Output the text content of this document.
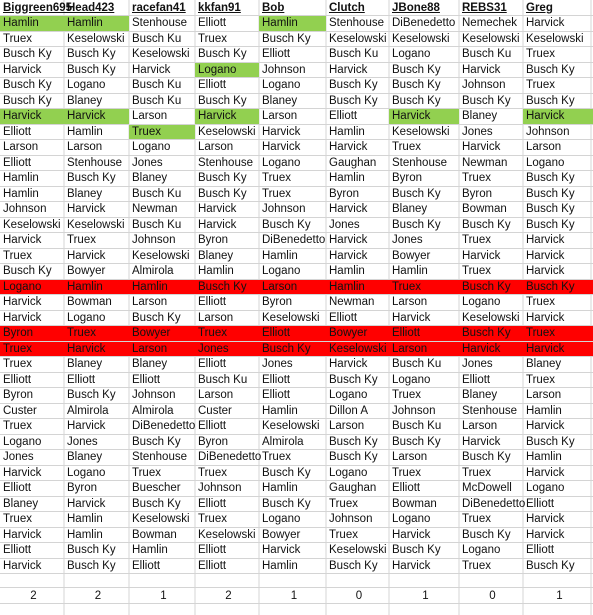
Biggreen695	Head423	racefan41	kkfan91	Bob	Clutch	JBone88	REBS31	Greg
Hamlin	Hamlin	Stenhouse	Elliott	Hamlin	Stenhouse	DiBenedetto	Nemechek	Harvick
Truex	Keselowski	Busch Ku	Truex	Busch Ky	Keselowski	Keselowski	Keselowski	Keselowski
Busch Ky	Busch Ky	Keselowski	Busch Ky	Elliott	Busch Ku	Logano	Busch Ku	Truex
Harvick	Busch Ky	Harvick	Logano	Johnson	Harvick	Busch Ky	Harvick	Busch Ky
Busch Ky	Logano	Busch Ku	Elliott	Logano	Busch Ky	Busch Ky	Johnson	Truex
Busch Ky	Blaney	Busch Ku	Busch Ky	Blaney	Busch Ky	Busch Ky	Busch Ky	Busch Ky
Harvick	Harvick	Larson	Harvick	Larson	Elliott	Harvick	Blaney	Harvick
Elliott	Hamlin	Truex	Keselowski	Harvick	Hamlin	Keselowski	Jones	Johnson
Larson	Larson	Logano	Larson	Harvick	Harvick	Truex	Harvick	Larson
Elliott	Stenhouse	Jones	Stenhouse	Logano	Gaughan	Stenhouse	Newman	Logano
Hamlin	Busch Ky	Blaney	Busch Ky	Truex	Hamlin	Byron	Truex	Busch Ky
Hamlin	Blaney	Busch Ku	Busch Ky	Truex	Byron	Busch Ky	Byron	Busch Ky
Johnson	Harvick	Newman	Harvick	Johnson	Harvick	Blaney	Bowman	Busch Ky
Keselowski	Keselowski	Busch Ku	Harvick	Busch Ky	Jones	Busch Ky	Busch Ky	Busch Ky
Harvick	Truex	Johnson	Byron	DiBenedetto	Harvick	Jones	Truex	Harvick
Truex	Harvick	Keselowski	Blaney	Hamlin	Harvick	Bowyer	Harvick	Harvick
Busch Ky	Bowyer	Almirola	Hamlin	Logano	Hamlin	Hamlin	Truex	Harvick
Logano	Hamlin	Hamlin	Busch Ky	Larson	Hamlin	Truex	Busch Ky	Busch Ky
Harvick	Bowman	Larson	Elliott	Byron	Newman	Larson	Logano	Truex
Harvick	Logano	Busch Ky	Larson	Keselowski	Elliott	Harvick	Keselowski	Harvick
Byron	Truex	Bowyer	Truex	Elliott	Bowyer	Elliott	Busch Ky	Truex
Truex	Harvick	Larson	Jones	Busch Ky	Keselowski	Larson	Harvick	Harvick
Truex	Blaney	Blaney	Elliott	Jones	Harvick	Busch Ku	Jones	Blaney
Elliott	Elliott	Elliott	Busch Ku	Elliott	Busch Ky	Logano	Elliott	Truex
Byron	Busch Ky	Johnson	Larson	Elliott	Logano	Truex	Blaney	Larson
Custer	Almirola	Almirola	Custer	Hamlin	Dillon A	Johnson	Stenhouse	Hamlin
Truex	Harvick	DiBenedetto	Elliott	Keselowski	Larson	Busch Ku	Larson	Harvick
Logano	Jones	Busch Ky	Byron	Almirola	Busch Ky	Busch Ky	Harvick	Busch Ky
Jones	Blaney	Stenhouse	DiBenedetto	Truex	Busch Ky	Larson	Busch Ky	Hamlin
Harvick	Logano	Truex	Truex	Busch Ky	Logano	Truex	Truex	Harvick
Elliott	Byron	Buescher	Johnson	Hamlin	Gaughan	Elliott	McDowell	Logano
Blaney	Harvick	Busch Ky	Elliott	Busch Ky	Truex	Bowman	DiBenedetto	Elliott
Truex	Hamlin	Keselowski	Truex	Logano	Johnson	Logano	Truex	Harvick
Harvick	Hamlin	Bowman	Keselowski	Bowyer	Truex	Harvick	Busch Ky	Harvick
Elliott	Busch Ky	Hamlin	Elliott	Harvick	Keselowski	Busch Ky	Logano	Elliott
Harvick	Busch Ky	Elliott	Elliott	Hamlin	Busch Ky	Harvick	Truex	Busch Ky

2	2	1	2	1	0	1	0	1
